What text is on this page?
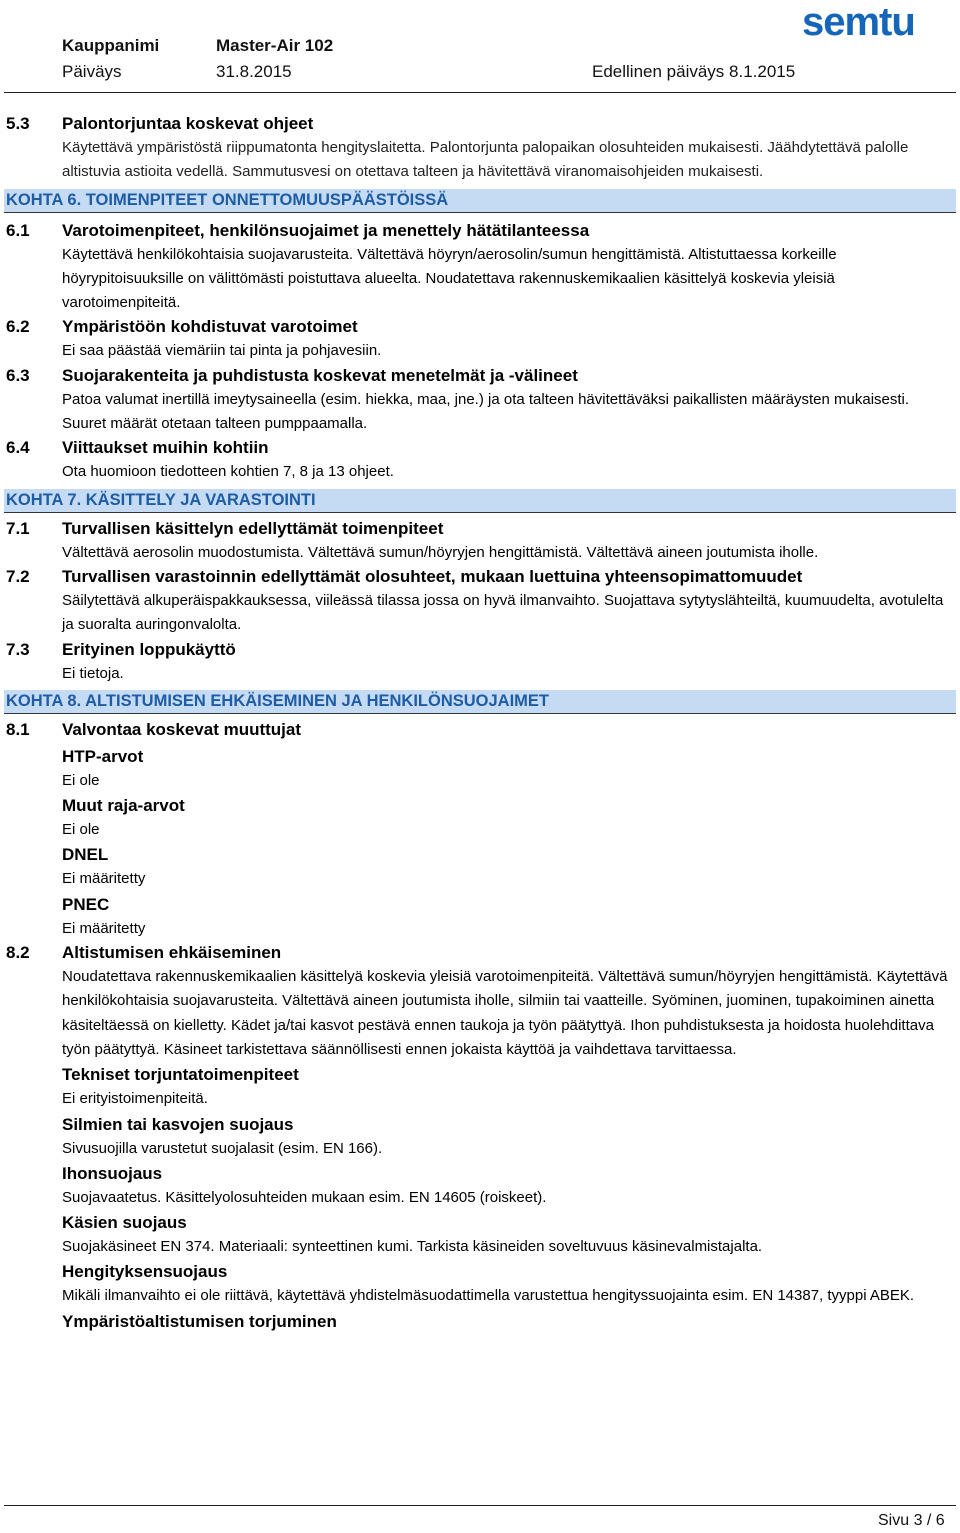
Kauppanimi	Master-Air 102
Päiväys	31.8.2015	Edellinen päiväys 8.1.2015
semtu
5.3 Palontorjuntaa koskevat ohjeet
Käytettävä ympäristöstä riippumatonta hengityslaitetta. Palontorjunta palopaikan olosuhteiden mukaisesti. Jäähdytettävä palolle altistuvia astioita vedellä. Sammutusvesi on otettava talteen ja hävitettävä viranomaisohjeiden mukaisesti.
KOHTA 6. TOIMENPITEET ONNETTOMUUSPÄÄSTÖISSÄ
6.1 Varotoimenpiteet, henkilönsuojaimet ja menettely hätätilanteessa
Käytettävä henkilökohtaisia suojavarusteita. Vältettävä höyryn/aerosolin/sumun hengittämistä. Altistuttaessa korkeille höyrypitoisuuksille on välittömästi poistuttava alueelta. Noudatettava rakennuskemikaalien käsittelyä koskevia yleisiä varotoimenpiteitä.
6.2 Ympäristöön kohdistuvat varotoimet
Ei saa päästää viemäriin tai pinta ja pohjavesiin.
6.3 Suojarakenteita ja puhdistusta koskevat menetelmät ja -välineet
Patoa valumat inertillä imeytysaineella (esim. hiekka, maa, jne.) ja ota talteen hävitettäväksi paikallisten määräysten mukaisesti. Suuret määrät otetaan talteen pumppaamalla.
6.4 Viittaukset muihin kohtiin
Ota huomioon tiedotteen kohtien 7, 8 ja 13 ohjeet.
KOHTA 7. KÄSITTELY JA VARASTOINTI
7.1 Turvallisen käsittelyn edellyttämät toimenpiteet
Vältettävä aerosolin muodostumista. Vältettävä sumun/höyryjen hengittämistä. Vältettävä aineen joutumista iholle.
7.2 Turvallisen varastoinnin edellyttämät olosuhteet, mukaan luettuina yhteensopimattomuudet
Säilytettävä alkuperäispakkauksessa, viileässä tilassa jossa on hyvä ilmanvaihto. Suojattava sytytyslähteiltä, kuumuudelta, avotulelta ja suoralta auringonvalolta.
7.3 Erityinen loppukäyttö
Ei tietoja.
KOHTA 8. ALTISTUMISEN EHKÄISEMINEN JA HENKILÖNSUOJAIMET
8.1 Valvontaa koskevat muuttujat
HTP-arvot
Ei ole
Muut raja-arvot
Ei ole
DNEL
Ei määritetty
PNEC
Ei määritetty
8.2 Altistumisen ehkäiseminen
Noudatettava rakennuskemikaalien käsittelyä koskevia yleisiä varotoimenpiteitä. Vältettävä sumun/höyryjen hengittämistä. Käytettävä henkilökohtaisia suojavarusteita. Vältettävä aineen joutumista iholle, silmiin tai vaatteille. Syöminen, juominen, tupakoiminen ainetta käsiteltäessä on kielletty. Kädet ja/tai kasvot pestävä ennen taukoja ja työn päätyttyä. Ihon puhdistuksesta ja hoidosta huolehdittava työn päätyttyä. Käsineet tarkistettava säännöllisesti ennen jokaista käyttöä ja vaihdettava tarvittaessa.
Tekniset torjuntatoimenpiteet
Ei erityistoimenpiteitä.
Silmien tai kasvojen suojaus
Sivusuojilla varustetut suojalasit (esim. EN 166).
Ihonsuojaus
Suojavaatetus. Käsittelyolosuhteiden mukaan esim. EN 14605 (roiskeet).
Käsien suojaus
Suojakäsineet EN 374. Materiaali: synteettinen kumi. Tarkista käsineiden soveltuvuus käsinevalmistajalta.
Hengityksensuojaus
Mikäli ilmanvaihto ei ole riittävä, käytettävä yhdistelmäsuodattimella varustettua hengityssuojainta esim. EN 14387, tyyppi ABEK.
Ympäristöaltistumisen torjuminen
Sivu 3 / 6
